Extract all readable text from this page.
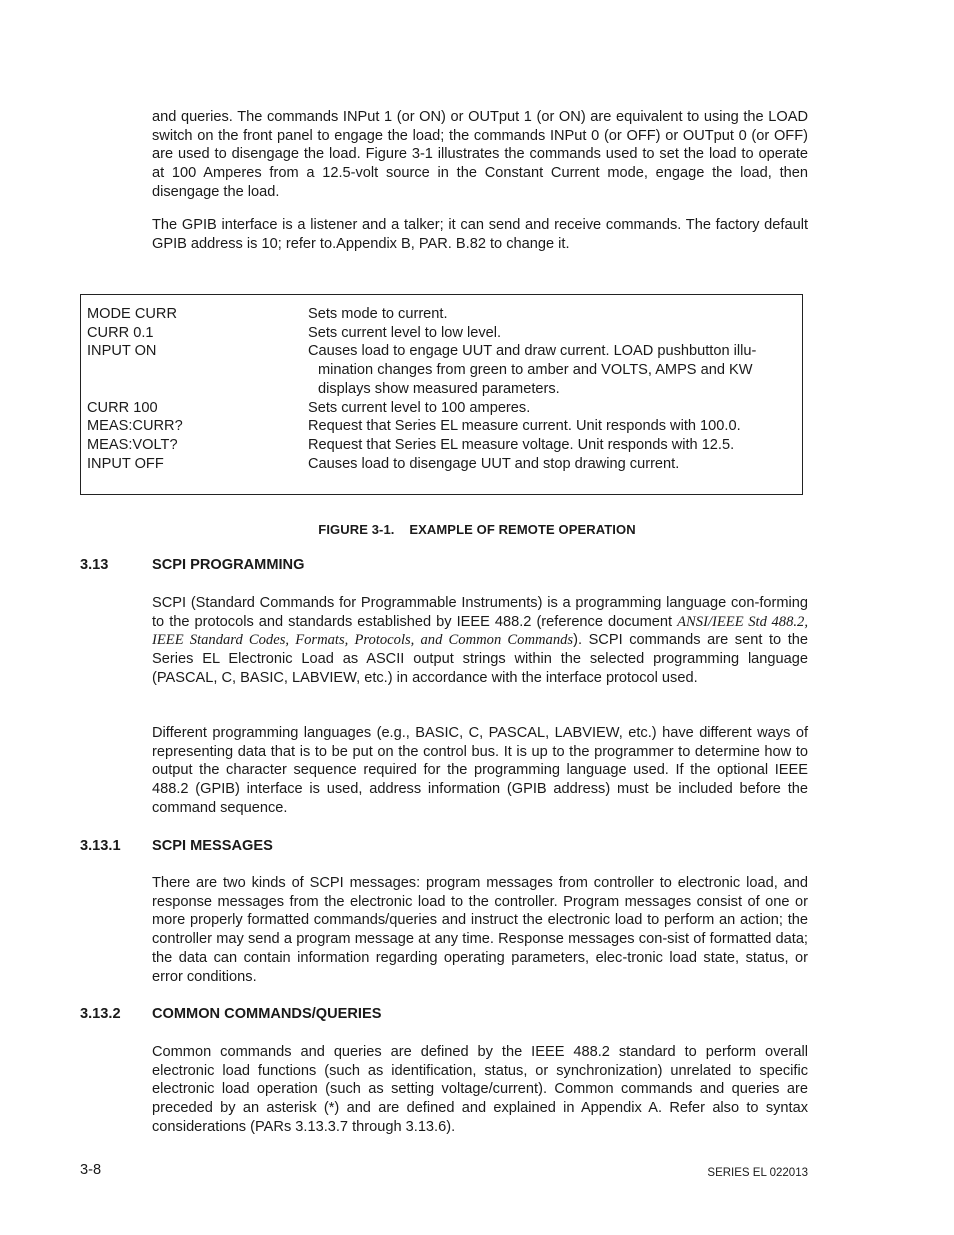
and queries. The commands INPut 1 (or ON) or OUTput 1 (or ON) are equivalent to using the LOAD switch on the front panel to engage the load; the commands INPut 0 (or OFF) or OUTput 0 (or OFF) are used to disengage the load. Figure 3-1 illustrates the commands used to set the load to operate at 100 Amperes from a 12.5-volt source in the Constant Current mode, engage the load, then disengage the load.

The GPIB interface is a listener and a talker; it can send and receive commands. The factory default GPIB address is 10; refer to.Appendix B, PAR. B.82 to change it.

MODE CURR	Sets mode to current.
CURR 0.1	Sets current level to low level.
INPUT ON	Causes load to engage UUT and draw current. LOAD pushbutton illu-
mination changes from green to amber and VOLTS, AMPS and KW
displays show measured parameters.
CURR 100	Sets current level to 100 amperes.
MEAS:CURR?	Request that Series EL measure current. Unit responds with 100.0.
MEAS:VOLT?	Request that Series EL measure voltage. Unit responds with 12.5.
INPUT OFF	Causes load to disengage UUT and stop drawing current.
FIGURE 3-1.    EXAMPLE OF REMOTE OPERATION
3.13	SCPI PROGRAMMING

SCPI (Standard Commands for Programmable Instruments) is a programming language con-forming to the protocols and standards established by IEEE 488.2 (reference document ANSI/IEEE Std 488.2, IEEE Standard Codes, Formats, Protocols, and Common Commands). SCPI commands are sent to the Series EL Electronic Load as ASCII output strings within the selected programming language (PASCAL, C, BASIC, LABVIEW, etc.) in accordance with the interface protocol used.

Different programming languages (e.g., BASIC, C, PASCAL, LABVIEW, etc.) have different ways of representing data that is to be put on the control bus. It is up to the programmer to determine how to output the character sequence required for the programming language used. If the optional IEEE 488.2 (GPIB) interface is used, address information (GPIB address) must be included before the command sequence.

3.13.1 SCPI MESSAGES

There are two kinds of SCPI messages: program messages from controller to electronic load, and response messages from the electronic load to the controller. Program messages consist of one or more properly formatted commands/queries and instruct the electronic load to perform an action; the controller may send a program message at any time. Response messages con-sist of formatted data; the data can contain information regarding operating parameters, elec-tronic load state, status, or error conditions.

3.13.2 COMMON COMMANDS/QUERIES

Common commands and queries are defined by the IEEE 488.2 standard to perform overall electronic load functions (such as identification, status, or synchronization) unrelated to specific electronic load operation (such as setting voltage/current). Common commands and queries are preceded by an asterisk (*) and are defined and explained in Appendix A. Refer also to syntax considerations (PARs 3.13.3.7 through 3.13.6).

3-8	SERIES EL 022013
